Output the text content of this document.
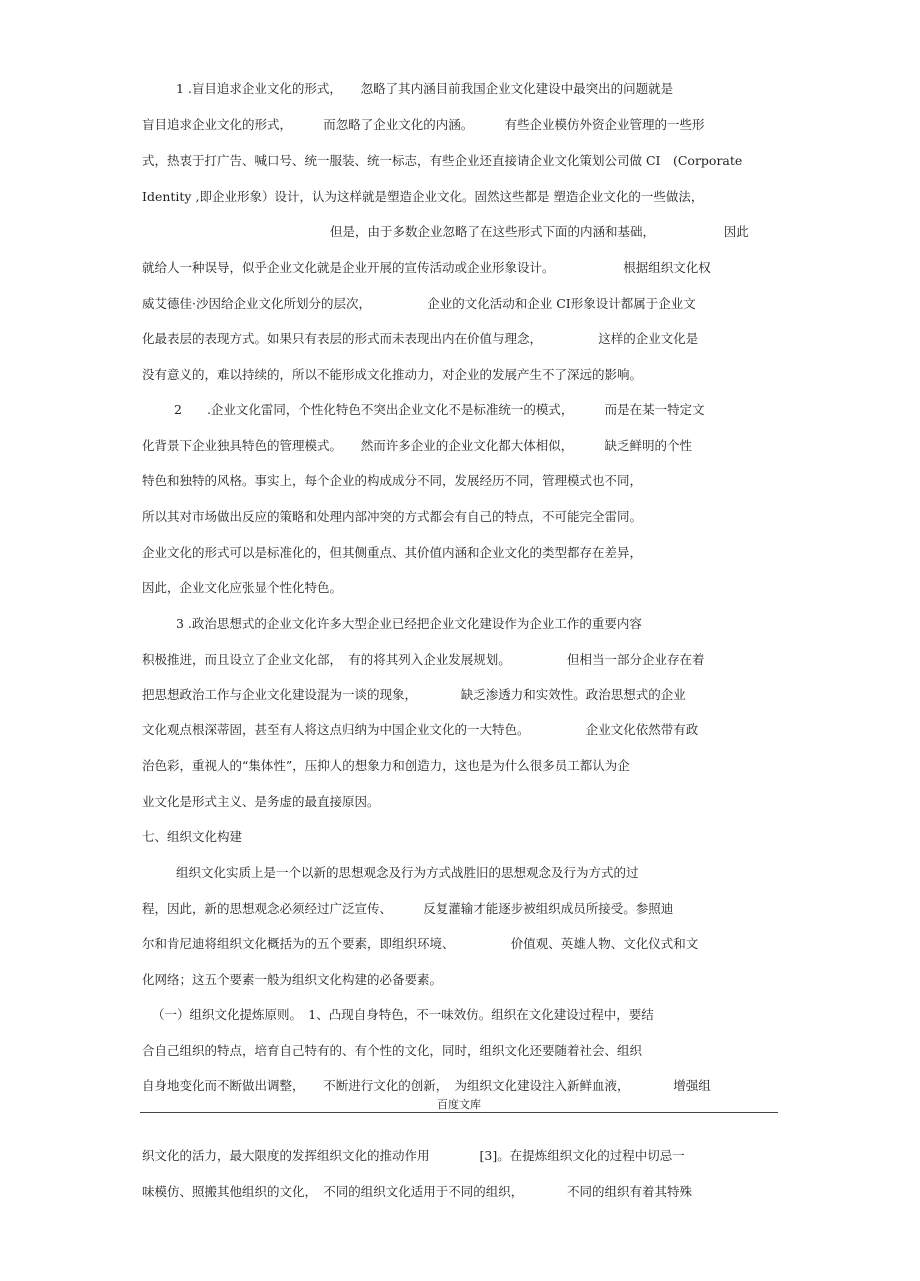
1 .盲目追求企业文化的形式，　　忽略了其内涵目前我国企业文化建设中最突出的问题就是
盲目追求企业文化的形式，　　　而忽略了企业文化的内涵。　　　有些企业模仿外资企业管理的一些形
式，热衷于打广告、喊口号、统一服装、统一标志，有些企业还直接请企业文化策划公司做 CI　(Corporate
Identity ,即企业形象）设计，认为这样就是塑造企业文化。固然这些都是 塑造企业文化的一些做法，
但是，由于多数企业忽略了在这些形式下面的内涵和基础，　　　　　　因此
就给人一种误导，似乎企业文化就是企业开展的宣传活动或企业形象设计。　　　　　　根据组织文化权
威艾德佳·沙因给企业文化所划分的层次，　　　　　企业的文化活动和企业 CI形象设计都属于企业文
化最表层的表现方式。如果只有表层的形式而未表现出内在价值与理念，　　　　　这样的企业文化是
没有意义的，难以持续的，所以不能形成文化推动力，对企业的发展产生不了深远的影响。
2　　.企业文化雷同，个性化特色不突出企业文化不是标准统一的模式，　　　而是在某一特定文
化背景下企业独具特色的管理模式。　　然而许多企业的企业文化都大体相似，　　　缺乏鲜明的个性
特色和独特的风格。事实上，每个企业的构成成分不同，发展经历不同，管理模式也不同，
所以其对市场做出反应的策略和处理内部冲突的方式都会有自己的特点，不可能完全雷同。
企业文化的形式可以是标准化的，但其侧重点、其价值内涵和企业文化的类型都存在差异，
因此，企业文化应张显个性化特色。
3 .政治思想式的企业文化许多大型企业已经把企业文化建设作为企业工作的重要内容
积极推进，而且设立了企业文化部，　有的将其列入企业发展规划。　　　　　但相当一部分企业存在着
把思想政治工作与企业文化建设混为一谈的现象，　　　　缺乏渗透力和实效性。政治思想式的企业
文化观点根深蒂固，甚至有人将这点归纳为中国企业文化的一大特色。　　　　　企业文化依然带有政
治色彩，重视人的“集体性”，压抑人的想象力和创造力，这也是为什么很多员工都认为企
业文化是形式主义、是务虚的最直接原因。
七、组织文化构建
组织文化实质上是一个以新的思想观念及行为方式战胜旧的思想观念及行为方式的过
程，因此，新的思想观念必须经过广泛宣传、　　　反复灌输才能逐步被组织成员所接受。参照迪
尔和肯尼迪将组织文化概括为的五个要素，即组织环境、　　　　　价值观、英雄人物、文化仪式和文
化网络；这五个要素一般为组织文化构建的必备要素。
（一）组织文化提炼原则。　1、凸现自身特色，不一味效仿。组织在文化建设过程中，要结
合自己组织的特点，培育自己特有的、有个性的文化，同时，组织文化还要随着社会、组织
自身地变化而不断做出调整，　　不断进行文化的创新，　为组织文化建设注入新鲜血液，　　　　增强组
百度文库
织文化的活力，最大限度的发挥组织文化的推动作用　　　　[3]。在提炼组织文化的过程中切忌一
味模仿、照搬其他组织的文化，　不同的组织文化适用于不同的组织，　　　　不同的组织有着其特殊
